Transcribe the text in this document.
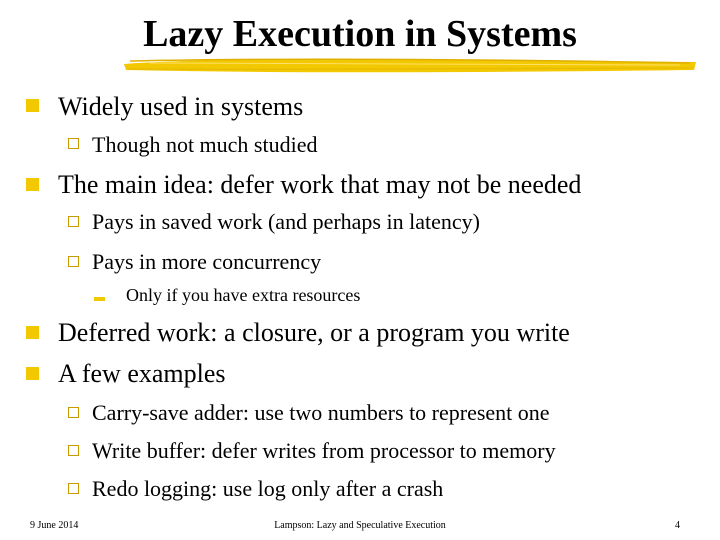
Lazy Execution in Systems
Widely used in systems
Though not much studied
The main idea: defer work that may not be needed
Pays in saved work (and perhaps in latency)
Pays in more concurrency
Only if you have extra resources
Deferred work: a closure, or a program you write
A few examples
Carry-save adder: use two numbers to represent one
Write buffer: defer writes from processor to memory
Redo logging: use log only after a crash
9 June 2014	Lampson: Lazy and Speculative Execution	4
